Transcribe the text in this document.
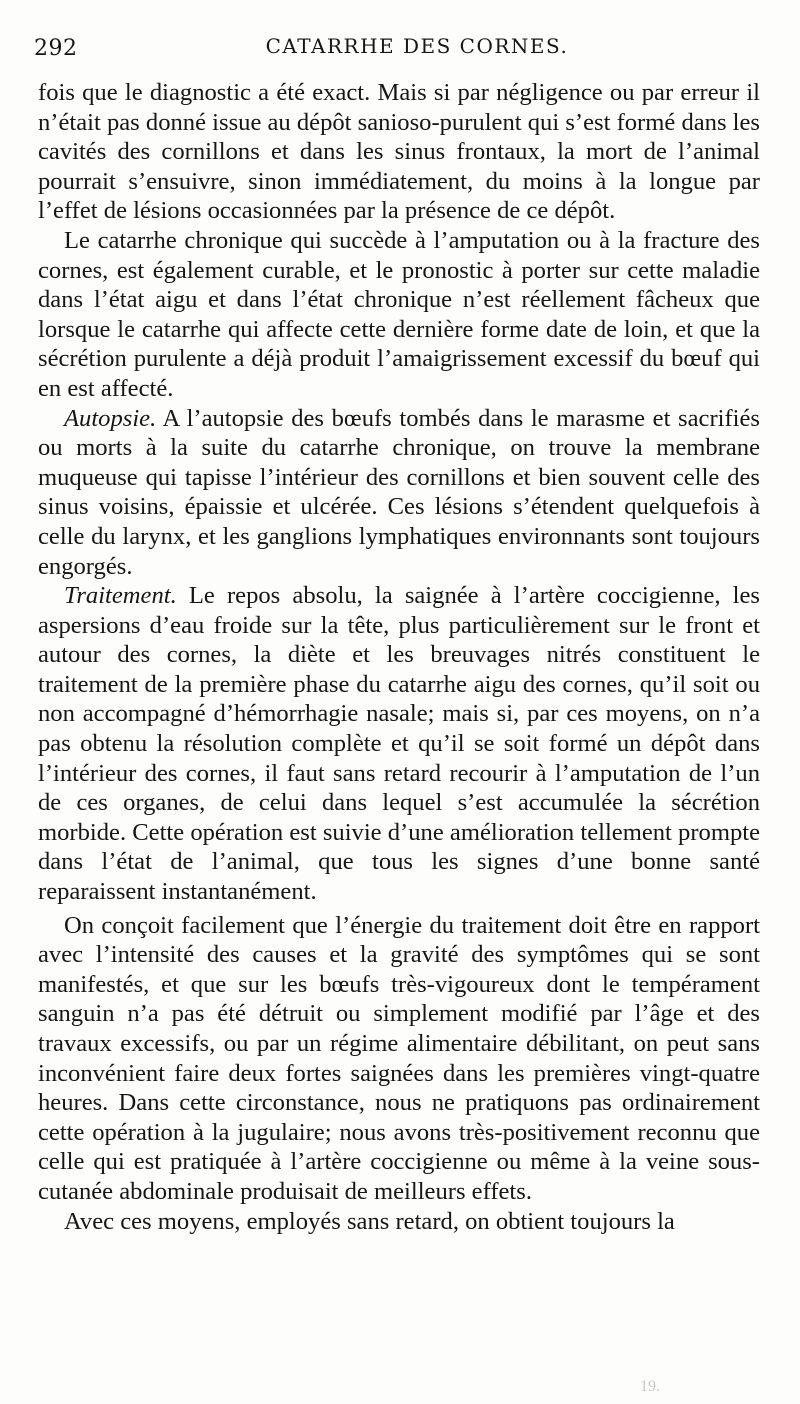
292	CATARRHE DES CORNES.

fois que le diagnostic a été exact. Mais si par négligence ou par erreur il n’était pas donné issue au dépôt sanioso-purulent qui s’est formé dans les cavités des cornillons et dans les sinus frontaux, la mort de l’animal pourrait s’ensuivre, sinon immédiatement, du moins à la longue par l’effet de lésions occasionnées par la présence de ce dépôt.

Le catarrhe chronique qui succède à l’amputation ou à la fracture des cornes, est également curable, et le pronostic à porter sur cette maladie dans l’état aigu et dans l’état chronique n’est réellement fâcheux que lorsque le catarrhe qui affecte cette dernière forme date de loin, et que la sécrétion purulente a déjà produit l’amaigrissement excessif du bœuf qui en est affecté.

Autopsie. A l’autopsie des bœufs tombés dans le marasme et sacrifiés ou morts à la suite du catarrhe chronique, on trouve la membrane muqueuse qui tapisse l’intérieur des cornillons et bien souvent celle des sinus voisins, épaissie et ulcérée. Ces lésions s’étendent quelquefois à celle du larynx, et les ganglions lymphatiques environnants sont toujours engorgés.

Traitement. Le repos absolu, la saignée à l’artère coccigienne, les aspersions d’eau froide sur la tête, plus particulièrement sur le front et autour des cornes, la diète et les breuvages nitrés constituent le traitement de la première phase du catarrhe aigu des cornes, qu’il soit ou non accompagné d’hémorrhagie nasale; mais si, par ces moyens, on n’a pas obtenu la résolution complète et qu’il se soit formé un dépôt dans l’intérieur des cornes, il faut sans retard recourir à l’amputation de l’un de ces organes, de celui dans lequel s’est accumulée la sécrétion morbide. Cette opération est suivie d’une amélioration tellement prompte dans l’état de l’animal, que tous les signes d’une bonne santé reparaissent instantanément.

On conçoit facilement que l’énergie du traitement doit être en rapport avec l’intensité des causes et la gravité des symptômes qui se sont manifestés, et que sur les bœufs très-vigoureux dont le tempérament sanguin n’a pas été détruit ou simplement modifié par l’âge et des travaux excessifs, ou par un régime alimentaire débilitant, on peut sans inconvénient faire deux fortes saignées dans les premières vingt-quatre heures. Dans cette circonstance, nous ne pratiquons pas ordinairement cette opération à la jugulaire; nous avons très-positivement reconnu que celle qui est pratiquée à l’artère coccigienne ou même à la veine sous-cutanée abdominale produisait de meilleurs effets.

Avec ces moyens, employés sans retard, on obtient toujours la

19.
